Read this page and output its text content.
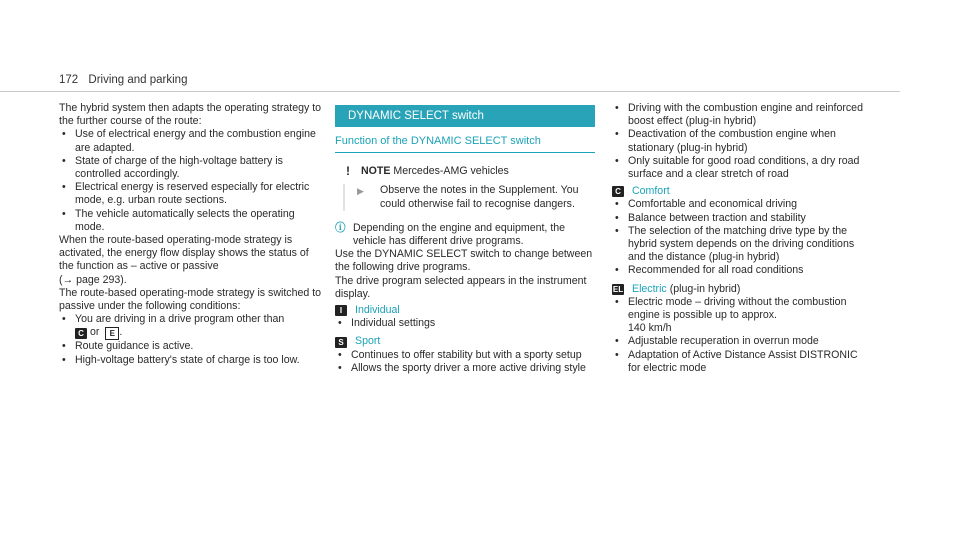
172 Driving and parking

The hybrid system then adapts the operating strategy to the further course of the route:

• Use of electrical energy and the combustion engine are adapted.

• State of charge of the high-voltage battery is controlled accordingly.

• Electrical energy is reserved especially for electric mode, e.g. urban route sections.

• The vehicle automatically selects the operating mode.

When the route-based operating-mode strategy is activated, the energy flow display shows the status of the function as – active or passive

(→ page 293).

The route-based operating-mode strategy is switched to passive under the following conditions:

• You are driving in a drive program other than
C or E .

• Route guidance is active.

• High-voltage battery's state of charge is too low.

DYNAMIC SELECT switch
Function of the DYNAMIC SELECT switch
! NOTE Mercedes-AMG vehicles
▶ Observe the notes in the Supplement. You could otherwise fail to recognise dangers.
ⓘ Depending on the engine and equipment, the vehicle has different drive programs.

Use the DYNAMIC SELECT switch to change between the following drive programs.

The drive program selected appears in the instrument display.

I	Individual

• Individual settings

S	Sport

• Continues to offer stability but with a sporty setup

• Allows the sporty driver a more active driving style

• Driving with the combustion engine and reinforced boost effect (plug-in hybrid)

• Deactivation of the combustion engine when stationary (plug-in hybrid)

• Only suitable for good road conditions, a dry road surface and a clear stretch of road

C Comfort

• Comfortable and economical driving

• Balance between traction and stability

• The selection of the matching drive type by the hybrid system depends on the driving conditions and the distance (plug-in hybrid)

• Recommended for all road conditions

EL Electric (plug-in hybrid)

• Electric mode – driving without the combustion engine is possible up to approx.
140 km/h

• Adjustable recuperation in overrun mode

• Adaptation of Active Distance Assist DISTRONIC for electric mode
